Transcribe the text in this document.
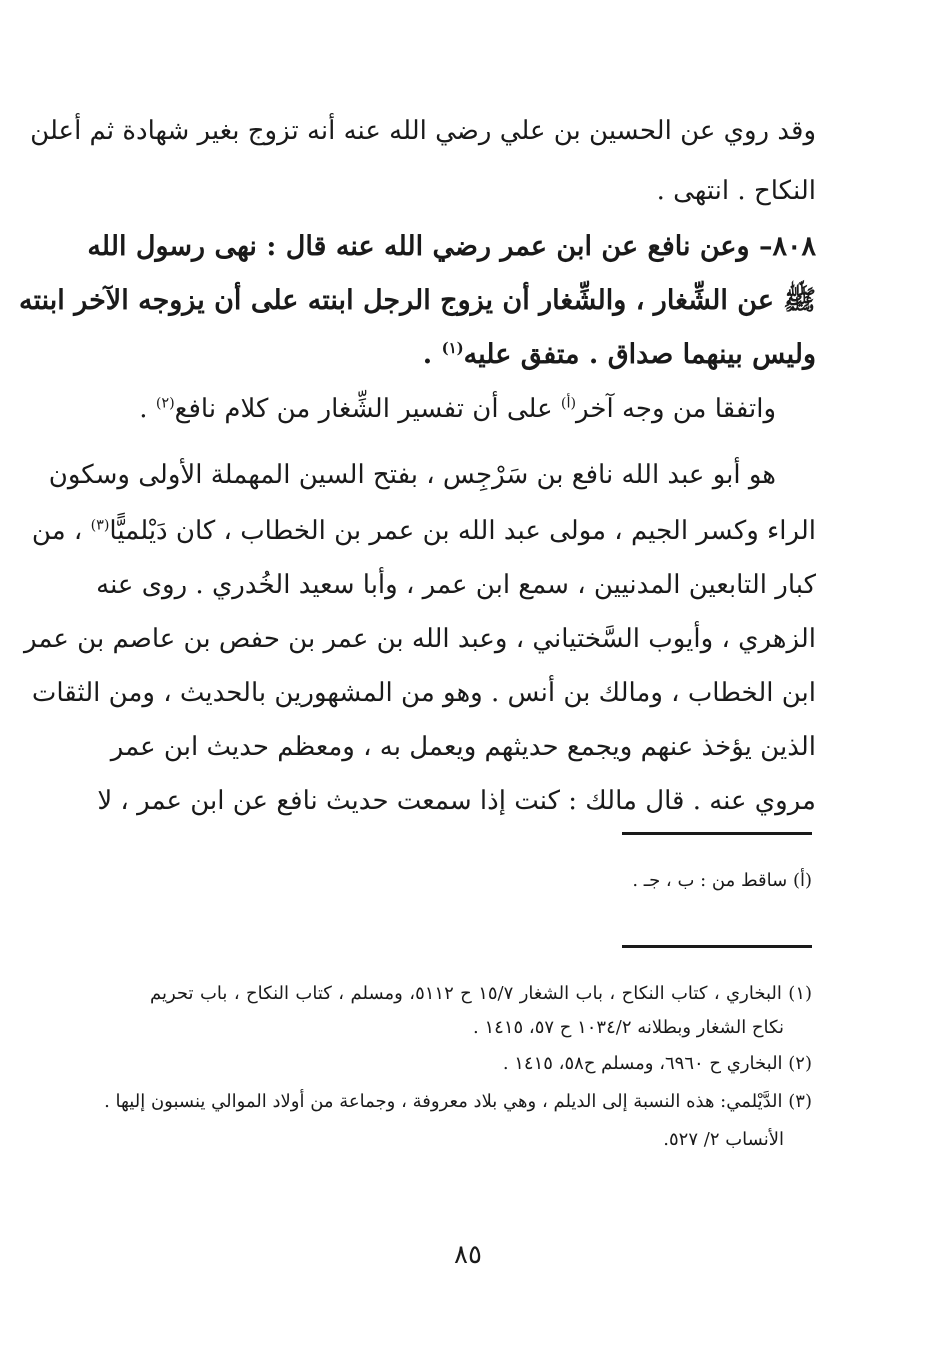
وقد روي عن الحسين بن علي رضي الله عنه أنه تزوج بغير شهادة ثم أعلن
النكاح . انتهى .
٨٠٨– وعن نافع عن ابن عمر رضي الله عنه قال : نهى رسول الله
ﷺ عن الشِّغار ، والشِّغار أن يزوج الرجل ابنته على أن يزوجه الآخر ابنته
وليس بينهما صداق . متفق عليه$^{(١)}$ .
واتفقا من وجه آخر$^{(أ)}$ على أن تفسير الشِّغار من كلام نافع$^{(٢)}$ .
هو أبو عبد الله نافع بن سَرْجِس ، بفتح السين المهملة الأولى وسكون
الراء وكسر الجيم ، مولى عبد الله بن عمر بن الخطاب ، كان دَيْلميًّا$^{(٣)}$ ، من
كبار التابعين المدنيين ، سمع ابن عمر ، وأبا سعيد الخُدري . روى عنه
الزهري ، وأيوب السَّختياني ، وعبد الله بن عمر بن حفص بن عاصم بن عمر
ابن الخطاب ، ومالك بن أنس . وهو من المشهورين بالحديث ، ومن الثقات
الذين يؤخذ عنهم ويجمع حديثهم ويعمل به ، ومعظم حديث ابن عمر
مروي عنه . قال مالك : كنت إذا سمعت حديث نافع عن ابن عمر ، لا
(أ) ساقط من : ب ، جـ .
(١) البخاري ، كتاب النكاح ، باب الشغار ١٥/٧ ح ٥١١٢، ومسلم ، كتاب النكاح ، باب تحريم
نكاح الشغار وبطلانه ١٠٣٤/٢ ح ٥٧، ١٤١٥ .
(٢) البخاري ح ٦٩٦٠، ومسلم ح٥٨، ١٤١٥ .
(٣) الدَّيْلمي: هذه النسبة إلى الديلم ، وهي بلاد معروفة ، وجماعة من أولاد الموالي ينسبون إليها .
الأنساب ٢/ ٥٢٧.
٨٥
